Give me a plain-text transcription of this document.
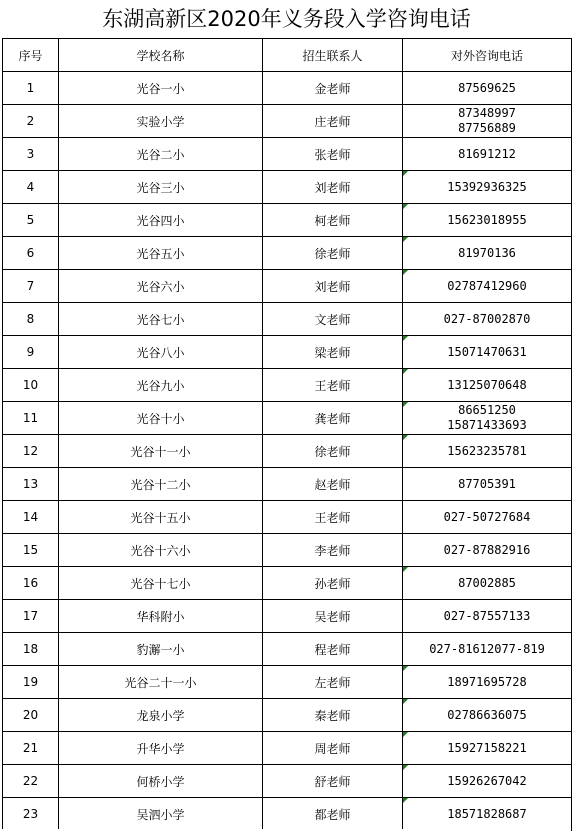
东湖高新区2020年义务段入学咨询电话
序号	学校名称	招生联系人	对外咨询电话
1	光谷一小	金老师	87569625

2	实验小学	庄老师	87348997
87756889

3	光谷二小	张老师	81691212

4	光谷三小	刘老师	15392936325

5	光谷四小	柯老师	15623018955

6	光谷五小	徐老师	81970136

7	光谷六小	刘老师	02787412960

8	光谷七小	文老师	027-87002870

9	光谷八小	梁老师	15071470631

10	光谷九小	王老师	13125070648

11	光谷十小	龚老师	86651250
15871433693

12	光谷十一小	徐老师	15623235781

13	光谷十二小	赵老师	87705391

14	光谷十五小	王老师	027-50727684

15	光谷十六小	李老师	027-87882916

16	光谷十七小	孙老师	87002885

17	华科附小	吴老师	027-87557133

18	豹澥一小	程老师	027-81612077-819

19	光谷二十一小	左老师	18971695728

20	龙泉小学	秦老师	02786636075

21	升华小学	周老师	15927158221

22	何桥小学	舒老师	15926267042

23	吴泗小学	都老师	18571828687
